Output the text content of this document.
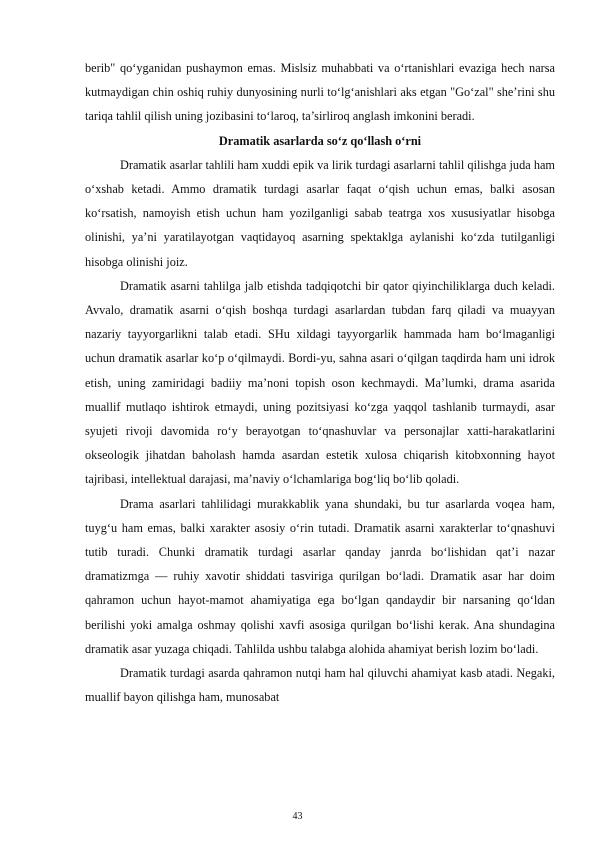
berib" qo‘yganidan pushaymon emas. Mislsiz muhabbati va o‘rtanishlari evaziga hech narsa kutmaydigan chin oshiq ruhiy dunyosining nurli to‘lg‘anishlari aks etgan "Go‘zal" she’rini shu tariqa tahlil qilish uning jozibasini to‘laroq, ta’sirliroq anglash imkonini beradi.

Dramatik asarlarda so‘z qo‘llash o‘rni

Dramatik asarlar tahlili ham xuddi epik va lirik turdagi asarlarni tahlil qilishga juda ham o‘xshab ketadi. Ammo dramatik turdagi asarlar faqat o‘qish uchun emas, balki asosan ko‘rsatish, namoyish etish uchun ham yozilganligi sabab teatrga xos xususiyatlar hisobga olinishi, ya’ni yaratilayotgan vaqtidayoq asarning spektaklga aylanishi ko‘zda tutilganligi hisobga olinishi joiz.

Dramatik asarni tahlilga jalb etishda tadqiqotchi bir qator qiyinchiliklarga duch keladi. Avvalo, dramatik asarni o‘qish boshqa turdagi asarlardan tubdan farq qiladi va muayyan nazariy tayyorgarlikni talab etadi. SHu xildagi tayyorgarlik hammada ham bo‘lmaganligi uchun dramatik asarlar ko‘p o‘qilmaydi. Bordi-yu, sahna asari o‘qilgan taqdirda ham uni idrok etish, uning zamiridagi badiiy ma’noni topish oson kechmaydi. Ma’lumki, drama asarida muallif mutlaqo ishtirok etmaydi, uning pozitsiyasi ko‘zga yaqqol tashlanib turmaydi, asar syujeti rivoji davomida ro‘y berayotgan to‘qnashuvlar va personajlar xatti-harakatlarini okseologik jihatdan baholash hamda asardan estetik xulosa chiqarish kitobxonning hayot tajribasi, intellektual darajasi, ma’naviy o‘lchamlariga bog‘liq bo‘lib qoladi.

Drama asarlari tahlilidagi murakkablik yana shundaki, bu tur asarlarda voqea ham, tuyg‘u ham emas, balki xarakter asosiy o‘rin tutadi. Dramatik asarni xarakterlar to‘qnashuvi tutib turadi. Chunki dramatik turdagi asarlar qanday janrda bo‘lishidan qat’i nazar dramatizmga — ruhiy xavotir shiddati tasviriga qurilgan bo‘ladi. Dramatik asar har doim qahramon uchun hayot-mamot ahamiyatiga ega bo‘lgan qandaydir bir narsaning qo‘ldan berilishi yoki amalga oshmay qolishi xavfi asosiga qurilgan bo‘lishi kerak. Ana shundagina dramatik asar yuzaga chiqadi. Tahlilda ushbu talabga alohida ahamiyat berish lozim bo‘ladi.

Dramatik turdagi asarda qahramon nutqi ham hal qiluvchi ahamiyat kasb atadi. Negaki, muallif bayon qilishga ham, munosabat

43
